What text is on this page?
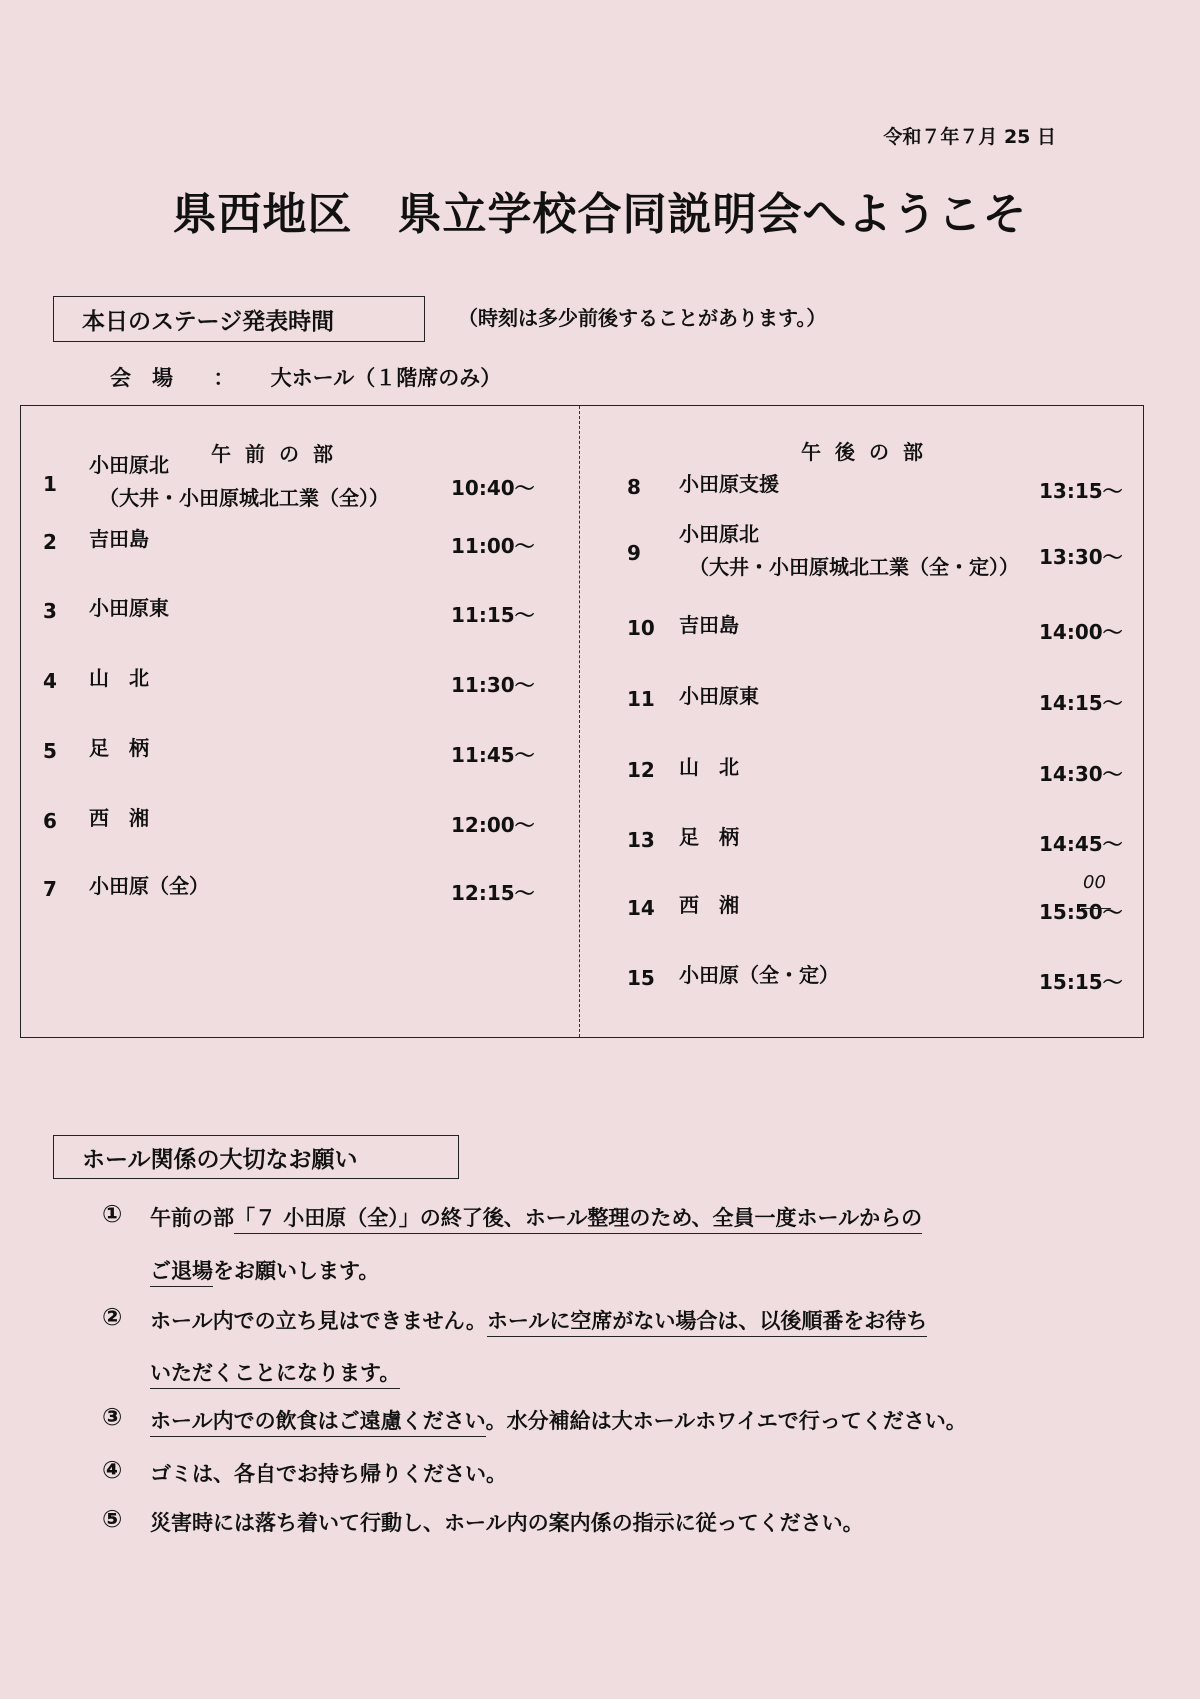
令和７年７月 25 日
県西地区　県立学校合同説明会へようこそ
本日のステージ発表時間	（時刻は多少前後することがあります。）
会　場 ： 大ホール（１階席のみ）
午前の部	午後の部
1
小田原北
（大井・小田原城北工業（全））	10:40～
2 吉田島	11:00～
3 小田原東	11:15～
4 山　北	11:30～
5 足　柄	11:45～
6 西　湘	12:00～
7 小田原（全）	12:15～
8 小田原支援	13:15～
9
小田原北
（大井・小田原城北工業（全・定）） 13:30～
10 吉田島	14:00～
11 小田原東	14:15～
12 山　北	14:30～
13 足　柄	14:45～
14 西　湘	15:50～
00
15 小田原（全・定）	15:15～
ホール関係の大切なお願い
① 午前の部「７ 小田原（全）」の終了後、ホール整理のため、全員一度ホールからの
ご退場をお願いします。
② ホール内での立ち見はできません。ホールに空席がない場合は、以後順番をお待ち
いただくことになります。
③ ホール内での飲食はご遠慮ください。水分補給は大ホールホワイエで行ってください。
④ ゴミは、各自でお持ち帰りください。
⑤ 災害時には落ち着いて行動し、ホール内の案内係の指示に従ってください。
